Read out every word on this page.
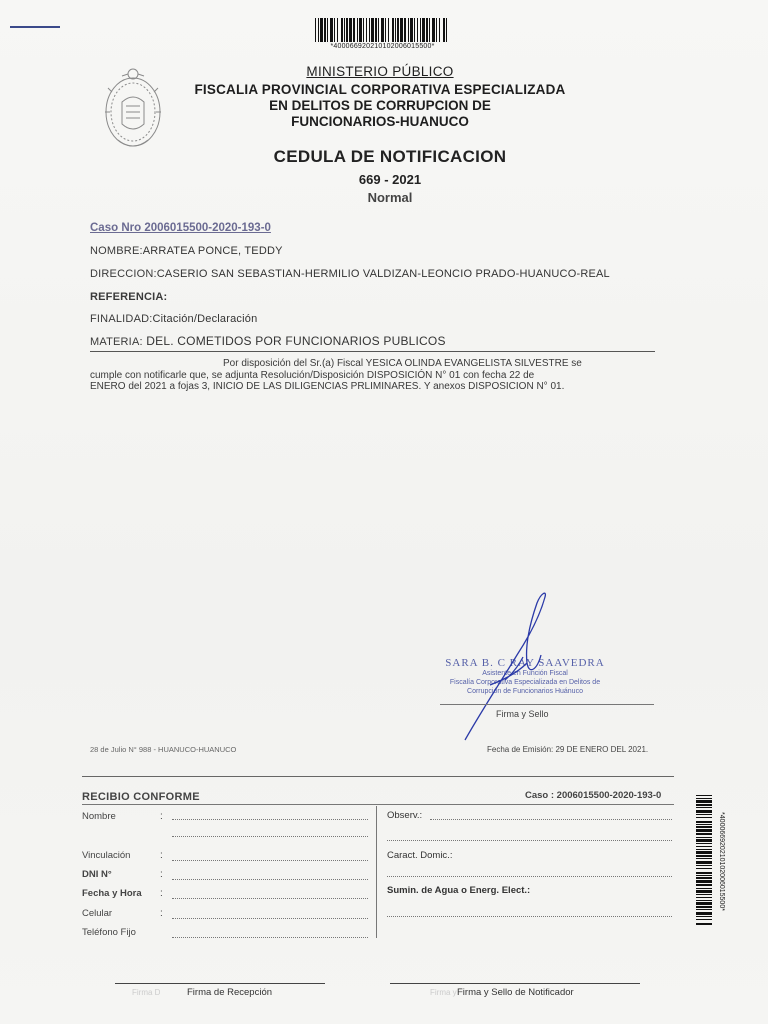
*400066920210102006015500*
MINISTERIO PÚBLICO
FISCALIA PROVINCIAL CORPORATIVA ESPECIALIZADA
EN DELITOS DE CORRUPCION DE
FUNCIONARIOS-HUANUCO
CEDULA DE NOTIFICACION
669 - 2021
Normal
Caso Nro 2006015500-2020-193-0
NOMBRE:ARRATEA PONCE, TEDDY
DIRECCION:CASERIO SAN SEBASTIAN-HERMILIO VALDIZAN-LEONCIO PRADO-HUANUCO-REAL
REFERENCIA:
FINALIDAD:Citación/Declaración
MATERIA: DEL. COMETIDOS POR FUNCIONARIOS PUBLICOS

Por disposición del Sr.(a) Fiscal YESICA OLINDA EVANGELISTA SILVESTRE se

cumple con notificarle que, se adjunta Resolución/Disposición DISPOSICIÓN N° 01 con fecha 22 de

ENERO del 2021 a fojas 3, INICIO DE LAS DILIGENCIAS PRLIMINARES. Y anexos DISPOSICION N° 01.

SARA B. C RAY SAAVEDRA
Asistente en Función Fiscal
Fiscalía Corporativa Especializada en Delitos de
Corrupción de Funcionarios Huánuco
Firma y Sello
28 de Julio N° 988 - HUANUCO-HUANUCO	Fecha de Emisión: 29 DE ENERO DEL 2021.
RECIBIO CONFORME	Caso : 2006015500-2020-193-0
Nombre	:
Vinculación	:
DNI N°	:
Fecha y Hora :
Celular	:
Teléfono Fijo
Observ.:
Caract. Domic.:
Sumin. de Agua o Energ. Elect.:	*400066920210102006015500*
Firma D	Firma de Recepción	Firma y Firma y Sello de Notificador
